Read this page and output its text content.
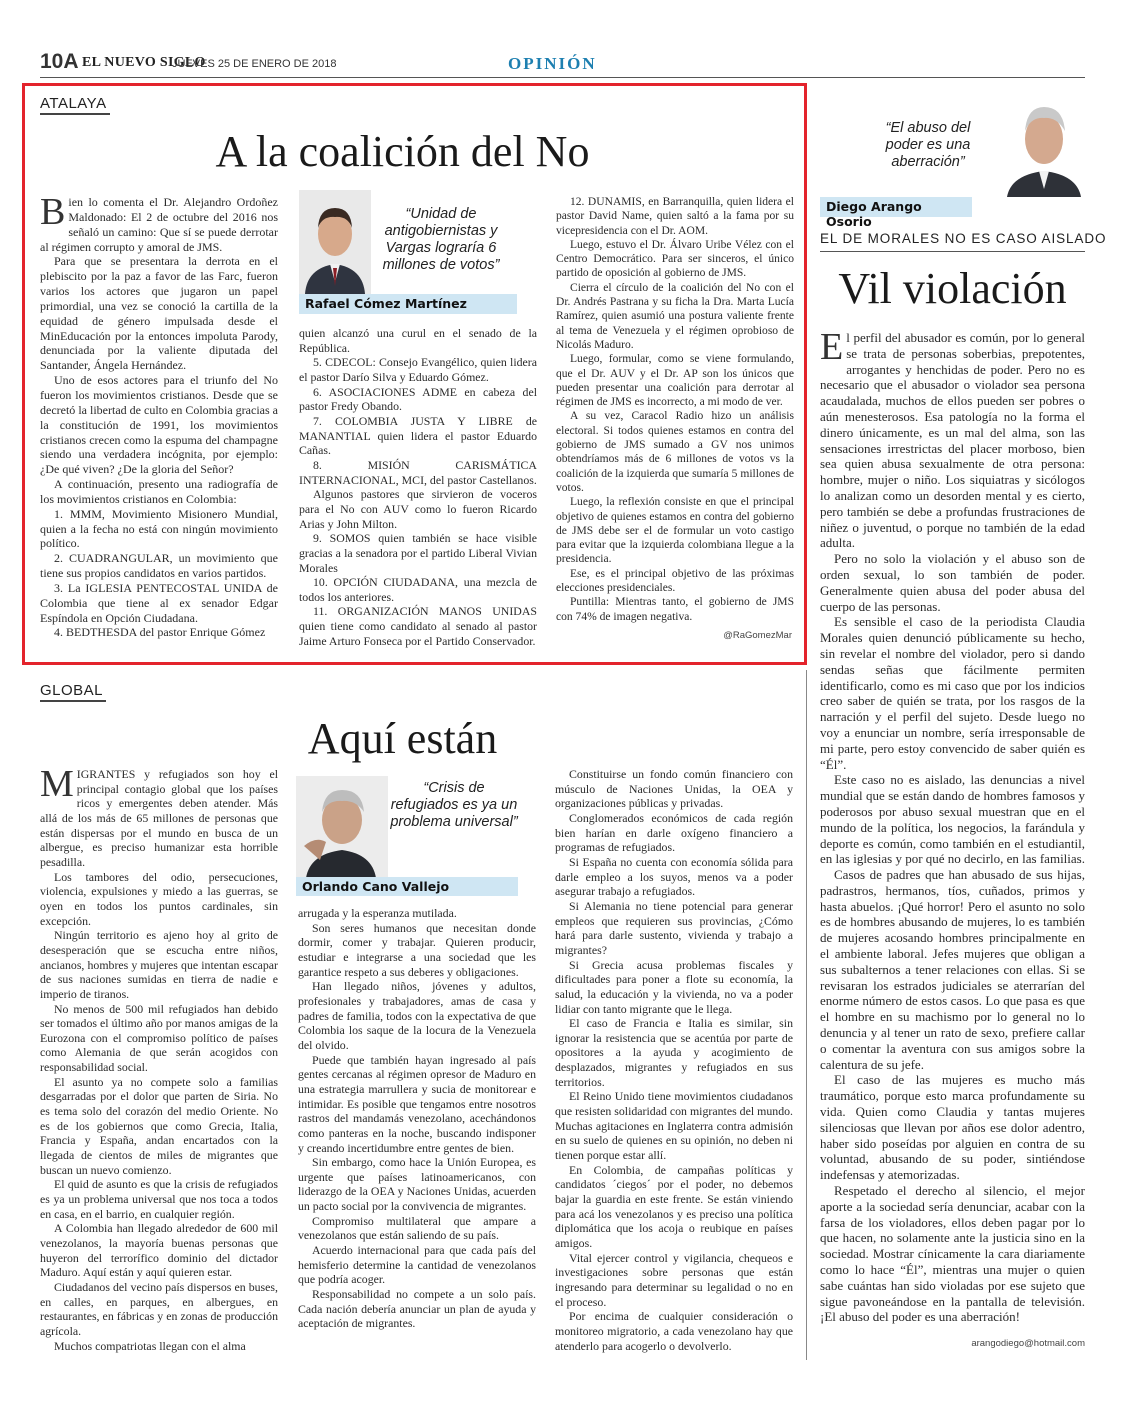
10A EL NUEVO SIGLO
JUEVES 25 DE ENERO DE 2018	OPINIÓN
ATALAYA
A la coalición del No

Bien lo comenta el Dr. Alejandro Ordoñez Maldonado: El 2 de octubre del 2016 nos señaló un camino: Que sí se puede derrotar al régimen corrupto y amoral de JMS.

Para que se presentara la derrota en el plebiscito por la paz a favor de las Farc, fueron varios los actores que jugaron un papel primordial, una vez se conoció la cartilla de la equidad de género impulsada desde el MinEducación por la entonces impoluta Parody, denunciada por la valiente diputada del Santander, Ángela Hernández.

Uno de esos actores para el triunfo del No fueron los movimientos cristianos. Desde que se decretó la libertad de culto en Colombia gracias a la constitución de 1991, los movimientos cristianos crecen como la espuma del champagne siendo una verdadera incógnita, por ejemplo: ¿De qué viven? ¿De la gloria del Señor?

A continuación, presento una radiografía de los movimientos cristianos en Colombia:

1. MMM, Movimiento Misionero Mundial, quien a la fecha no está con ningún movimiento político.

2. CUADRANGULAR, un movimiento que tiene sus propios candidatos en varios partidos.

3. La IGLESIA PENTECOSTAL UNIDA de Colombia que tiene al ex senador Edgar Espíndola en Opción Ciudadana.

4. BEDTHESDA del pastor Enrique Gómez

“Unidad de antigobiernistas y Vargas lograría 6 millones de votos”
Rafael Cómez Martínez

quien alcanzó una curul en el senado de la República.

5. CDECOL: Consejo Evangélico, quien lidera el pastor Darío Silva y Eduardo Gómez.

6. ASOCIACIONES ADME en cabeza del pastor Fredy Obando.

7. COLOMBIA JUSTA Y LIBRE de MANANTIAL quien lidera el pastor Eduardo Cañas.

8. MISIÓN CARISMÁTICA INTERNACIONAL, MCI, del pastor Castellanos.

Algunos pastores que sirvieron de voceros para el No con AUV como lo fueron Ricardo Arias y John Milton.

9. SOMOS quien también se hace visible gracias a la senadora por el partido Liberal Vivian Morales

10. OPCIÓN CIUDADANA, una mezcla de todos los anteriores.

11. ORGANIZACIÓN MANOS UNIDAS quien tiene como candidato al senado al pastor Jaime Arturo Fonseca por el Partido Conservador.

12. DUNAMIS, en Barranquilla, quien lidera el pastor David Name, quien saltó a la fama por su vicepresidencia con el Dr. AOM.

Luego, estuvo el Dr. Álvaro Uribe Vélez con el Centro Democrático. Para ser sinceros, el único partido de oposición al gobierno de JMS.

Cierra el círculo de la coalición del No con el Dr. Andrés Pastrana y su ficha la Dra. Marta Lucía Ramírez, quien asumió una postura valiente frente al tema de Venezuela y el régimen oprobioso de Nicolás Maduro.

Luego, formular, como se viene formulando, que el Dr. AUV y el Dr. AP son los únicos que pueden presentar una coalición para derrotar al régimen de JMS es incorrecto, a mi modo de ver.

A su vez, Caracol Radio hizo un análisis electoral. Si todos quienes estamos en contra del gobierno de JMS sumado a GV nos unimos obtendríamos más de 6 millones de votos vs la coalición de la izquierda que sumaría 5 millones de votos.

Luego, la reflexión consiste en que el principal objetivo de quienes estamos en contra del gobierno de JMS debe ser el de formular un voto castigo para evitar que la izquierda colombiana llegue a la presidencia.

Ese, es el principal objetivo de las próximas elecciones presidenciales.

Puntilla: Mientras tanto, el gobierno de JMS con 74% de imagen negativa.

@RaGomezMar
GLOBAL
Aquí están

MIGRANTES y refugiados son hoy el principal contagio global que los países ricos y emergentes deben atender. Más allá de los más de 65 millones de personas que están dispersas por el mundo en busca de un albergue, es preciso humanizar esta horrible pesadilla.

Los tambores del odio, persecuciones, violencia, expulsiones y miedo a las guerras, se oyen en todos los puntos cardinales, sin excepción.

Ningún territorio es ajeno hoy al grito de desesperación que se escucha entre niños, ancianos, hombres y mujeres que intentan escapar de sus naciones sumidas en tierra de nadie e imperio de tiranos.

No menos de 500 mil refugiados han debido ser tomados el último año por manos amigas de la Eurozona con el compromiso político de países como Alemania de que serán acogidos con responsabilidad social.

El asunto ya no compete solo a familias desgarradas por el dolor que parten de Siria. No es tema solo del corazón del medio Oriente. No es de los gobiernos que como Grecia, Italia, Francia y España, andan encartados con la llegada de cientos de miles de migrantes que buscan un nuevo comienzo.

El quid de asunto es que la crisis de refugiados es ya un problema universal que nos toca a todos en casa, en el barrio, en cualquier región.

A Colombia han llegado alrededor de 600 mil venezolanos, la mayoría buenas personas que huyeron del terrorífico dominio del dictador Maduro. Aquí están y aquí quieren estar.

Ciudadanos del vecino país dispersos en buses, en calles, en parques, en albergues, en restaurantes, en fábricas y en zonas de producción agrícola.

Muchos compatriotas llegan con el alma

“Crisis de refugiados es ya un problema universal”
Orlando Cano Vallejo

arrugada y la esperanza mutilada.

Son seres humanos que necesitan donde dormir, comer y trabajar. Quieren producir, estudiar e integrarse a una sociedad que les garantice respeto a sus deberes y obligaciones.

Han llegado niños, jóvenes y adultos, profesionales y trabajadores, amas de casa y padres de familia, todos con la expectativa de que Colombia los saque de la locura de la Venezuela del olvido.

Puede que también hayan ingresado al país gentes cercanas al régimen opresor de Maduro en una estrategia marrullera y sucia de monitorear e intimidar. Es posible que tengamos entre nosotros rastros del mandamás venezolano, acechándonos como panteras en la noche, buscando indisponer y creando incertidumbre entre gentes de bien.

Sin embargo, como hace la Unión Europea, es urgente que países latinoamericanos, con liderazgo de la OEA y Naciones Unidas, acuerden un pacto social por la convivencia de migrantes.

Compromiso multilateral que ampare a venezolanos que están saliendo de su país.

Acuerdo internacional para que cada país del hemisferio determine la cantidad de venezolanos que podría acoger.

Responsabilidad no compete a un solo país. Cada nación debería anunciar un plan de ayuda y aceptación de migrantes.

Constituirse un fondo común financiero con músculo de Naciones Unidas, la OEA y organizaciones públicas y privadas.

Conglomerados económicos de cada región bien harían en darle oxígeno financiero a programas de refugiados.

Si España no cuenta con economía sólida para darle empleo a los suyos, menos va a poder asegurar trabajo a refugiados.

Si Alemania no tiene potencial para generar empleos que requieren sus provincias, ¿Cómo hará para darle sustento, vivienda y trabajo a migrantes?

Si Grecia acusa problemas fiscales y dificultades para poner a flote su economía, la salud, la educación y la vivienda, no va a poder lidiar con tanto migrante que le llega.

El caso de Francia e Italia es similar, sin ignorar la resistencia que se acentúa por parte de opositores a la ayuda y acogimiento de desplazados, migrantes y refugiados en sus territorios.

El Reino Unido tiene movimientos ciudadanos que resisten solidaridad con migrantes del mundo. Muchas agitaciones en Inglaterra contra admisión en su suelo de quienes en su opinión, no deben ni tienen porque estar allí.

En Colombia, de campañas políticas y candidatos ´ciegos´ por el poder, no debemos bajar la guardia en este frente. Se están viniendo para acá los venezolanos y es preciso una política diplomática que los acoja o reubique en países amigos.

Vital ejercer control y vigilancia, chequeos e investigaciones sobre personas que están ingresando para determinar su legalidad o no en el proceso.

Por encima de cualquier consideración o monitoreo migratorio, a cada venezolano hay que atenderlo para acogerlo o devolverlo.

“El abuso del poder es una aberración”
Diego Arango Osorio
EL DE MORALES NO ES CASO AISLADO
Vil violación

El perfil del abusador es común, por lo general se trata de personas soberbias, prepotentes, arrogantes y henchidas de poder. Pero no es necesario que el abusador o violador sea persona acaudalada, muchos de ellos pueden ser pobres o aún menesterosos. Esa patología no la forma el dinero únicamente, es un mal del alma, son las sensaciones irrestrictas del placer morboso, bien sea quien abusa sexualmente de otra persona: hombre, mujer o niño. Los siquiatras y sicólogos lo analizan como un desorden mental y es cierto, pero también se debe a profundas frustraciones de niñez o juventud, o porque no también de la edad adulta.

Pero no solo la violación y el abuso son de orden sexual, lo son también de poder. Generalmente quien abusa del poder abusa del cuerpo de las personas.

Es sensible el caso de la periodista Claudia Morales quien denunció públicamente su hecho, sin revelar el nombre del violador, pero si dando sendas señas que fácilmente permiten identificarlo, como es mi caso que por los indicios creo saber de quién se trata, por los rasgos de la narración y el perfil del sujeto. Desde luego no voy a enunciar un nombre, sería irresponsable de mi parte, pero estoy convencido de saber quién es “Él”.

Este caso no es aislado, las denuncias a nivel mundial que se están dando de hombres famosos y poderosos por abuso sexual muestran que en el mundo de la política, los negocios, la farándula y deporte es común, como también en el estudiantil, en las iglesias y por qué no decirlo, en las familias.

Casos de padres que han abusado de sus hijas, padrastros, hermanos, tíos, cuñados, primos y hasta abuelos. ¡Qué horror! Pero el asunto no solo es de hombres abusando de mujeres, lo es también de mujeres acosando hombres principalmente en el ambiente laboral. Jefes mujeres que obligan a sus subalternos a tener relaciones con ellas. Si se revisaran los estrados judiciales se aterrarían del enorme número de estos casos. Lo que pasa es que el hombre en su machismo por lo general no lo denuncia y al tener un rato de sexo, prefiere callar o comentar la aventura con sus amigos sobre la calentura de su jefe.

El caso de las mujeres es mucho más traumático, porque esto marca profundamente su vida. Quien como Claudia y tantas mujeres silenciosas que llevan por años ese dolor adentro, haber sido poseídas por alguien en contra de su voluntad, abusando de su poder, sintiéndose indefensas y atemorizadas.

Respetado el derecho al silencio, el mejor aporte a la sociedad sería denunciar, acabar con la farsa de los violadores, ellos deben pagar por lo que hacen, no solamente ante la justicia sino en la sociedad. Mostrar cínicamente la cara diariamente como lo hace “Él”, mientras una mujer o quien sabe cuántas han sido violadas por ese sujeto que sigue pavoneándose en la pantalla de televisión. ¡El abuso del poder es una aberración!

arangodiego@hotmail.com
